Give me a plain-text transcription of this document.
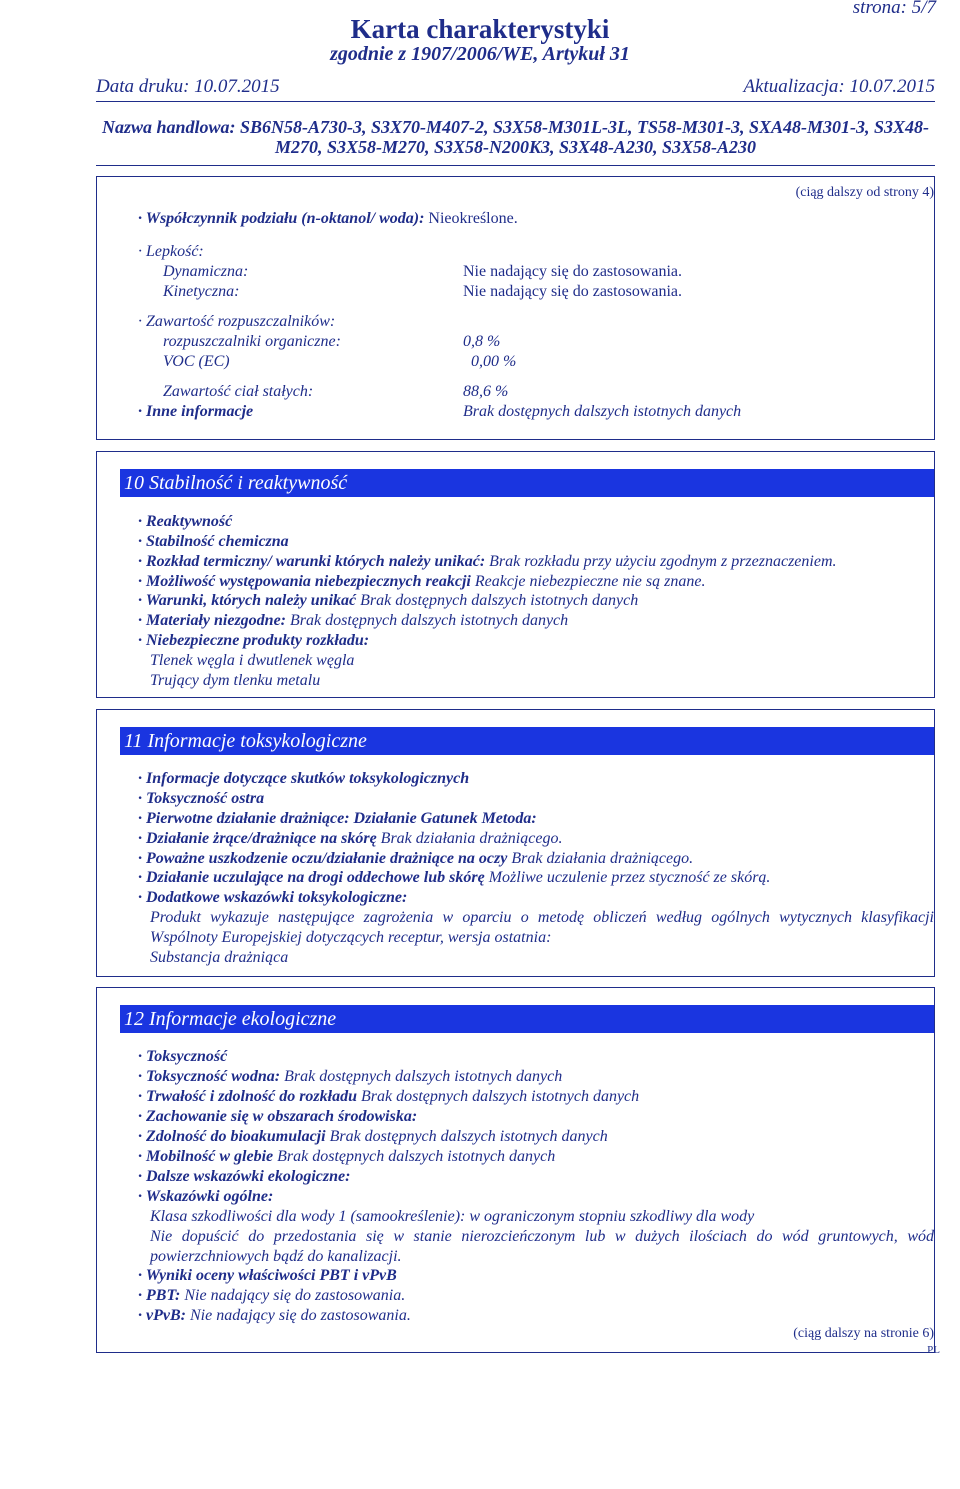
strona: 5/7
Karta charakterystyki
zgodnie z 1907/2006/WE, Artykuł 31
Data druku: 10.07.2015	Aktualizacja: 10.07.2015
Nazwa handlowa: SB6N58-A730-3, S3X70-M407-2, S3X58-M301L-3L, TS58-M301-3, SXA48-M301-3, S3X48-M270, S3X58-M270, S3X58-N200K3, S3X48-A230, S3X58-A230
(ciąg dalszy od strony 4)
· Współczynnik podziału (n-oktanol/ woda): Nieokreślone.
· Lepkość:
Dynamiczna:	Nie nadający się do zastosowania.
Kinetyczna:	Nie nadający się do zastosowania.
· Zawartość rozpuszczalników:
rozpuszczalniki organiczne:	0,8 %
VOC (EC)	0,00 %
Zawartość ciał stałych:	88,6 %
· Inne informacje	Brak dostępnych dalszych istotnych danych
10 Stabilność i reaktywność
· Reaktywność
· Stabilność chemiczna
· Rozkład termiczny/ warunki których należy unikać: Brak rozkładu przy użyciu zgodnym z przeznaczeniem.
· Możliwość występowania niebezpiecznych reakcji Reakcje niebezpieczne nie są znane.
· Warunki, których należy unikać Brak dostępnych dalszych istotnych danych
· Materiały niezgodne: Brak dostępnych dalszych istotnych danych
· Niebezpieczne produkty rozkładu:
Tlenek węgla i dwutlenek węgla
Trujący dym tlenku metalu
11 Informacje toksykologiczne
· Informacje dotyczące skutków toksykologicznych
· Toksyczność ostra
· Pierwotne działanie drażniące: Działanie Gatunek Metoda:
· Działanie żrące/drażniące na skórę Brak działania drażniącego.
· Poważne uszkodzenie oczu/działanie drażniące na oczy Brak działania drażniącego.
· Działanie uczulające na drogi oddechowe lub skórę Możliwe uczulenie przez styczność ze skórą.
· Dodatkowe wskazówki toksykologiczne:
Produkt wykazuje następujące zagrożenia w oparciu o metodę obliczeń według ogólnych wytycznych klasyfikacji Wspólnoty Europejskiej dotyczących receptur, wersja ostatnia:
Substancja drażniąca
12 Informacje ekologiczne
· Toksyczność
· Toksyczność wodna: Brak dostępnych dalszych istotnych danych
· Trwałość i zdolność do rozkładu Brak dostępnych dalszych istotnych danych
· Zachowanie się w obszarach środowiska:
· Zdolność do bioakumulacji Brak dostępnych dalszych istotnych danych
· Mobilność w glebie Brak dostępnych dalszych istotnych danych
· Dalsze wskazówki ekologiczne:
· Wskazówki ogólne:
Klasa szkodliwości dla wody 1 (samookreślenie): w ograniczonym stopniu szkodliwy dla wody
Nie dopuścić do przedostania się w stanie nierozcieńczonym lub w dużych ilościach do wód gruntowych, wód powierzchniowych bądź do kanalizacji.
· Wyniki oceny właściwości PBT i vPvB
· PBT: Nie nadający się do zastosowania.
· vPvB: Nie nadający się do zastosowania.
(ciąg dalszy na stronie 6)
PL
